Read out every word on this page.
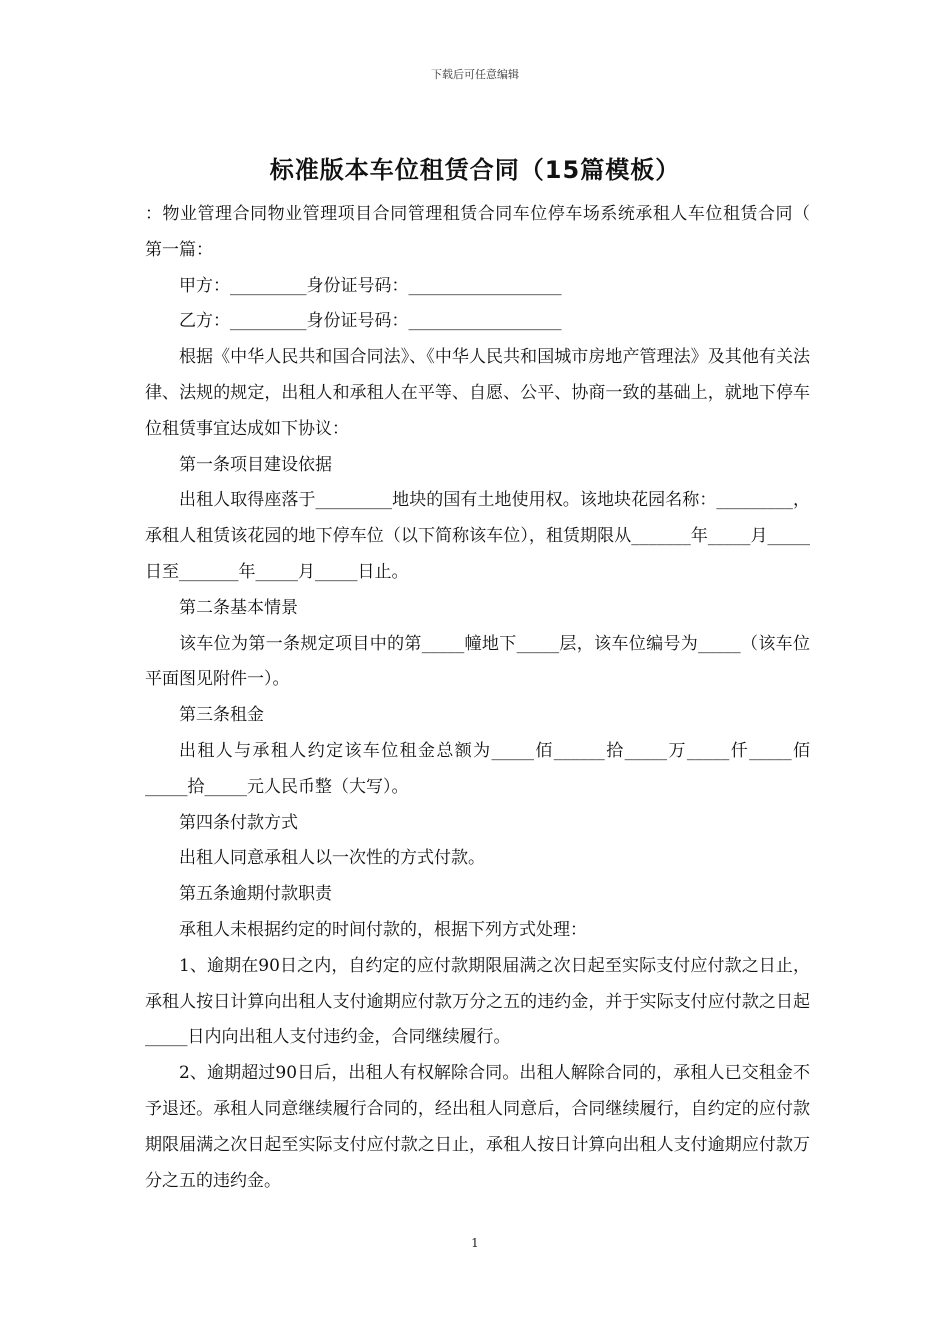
下载后可任意编辑
标准版本车位租赁合同（15篇模板）

：物业管理合同物业管理项目合同管理租赁合同车位停车场系统承租人车位租赁合同（ 第一篇：

甲方：_________身份证号码：__________________

乙方：_________身份证号码：__________________

根据《中华人民共和国合同法》、《中华人民共和国城市房地产管理法》及其他有关法律、法规的规定，出租人和承租人在平等、自愿、公平、协商一致的基础上，就地下停车位租赁事宜达成如下协议：

第一条项目建设依据

出租人取得座落于_________地块的国有土地使用权。该地块花园名称：_________，承租人租赁该花园的地下停车位（以下简称该车位），租赁期限从_______年_____月_____日至_______年_____月_____日止。

第二条基本情景

该车位为第一条规定项目中的第_____幢地下_____层，该车位编号为_____（该车位平面图见附件一）。

第三条租金

出租人与承租人约定该车位租金总额为_____佰______拾_____万_____仟_____佰_____拾_____元人民币整（大写）。

第四条付款方式

出租人同意承租人以一次性的方式付款。

第五条逾期付款职责

承租人未根据约定的时间付款的，根据下列方式处理：

1、逾期在90日之内，自约定的应付款期限届满之次日起至实际支付应付款之日止，承租人按日计算向出租人支付逾期应付款万分之五的违约金，并于实际支付应付款之日起_____日内向出租人支付违约金，合同继续履行。

2、逾期超过90日后，出租人有权解除合同。出租人解除合同的，承租人已交租金不予退还。承租人同意继续履行合同的，经出租人同意后，合同继续履行，自约定的应付款期限届满之次日起至实际支付应付款之日止，承租人按日计算向出租人支付逾期应付款万分之五的违约金。

1
